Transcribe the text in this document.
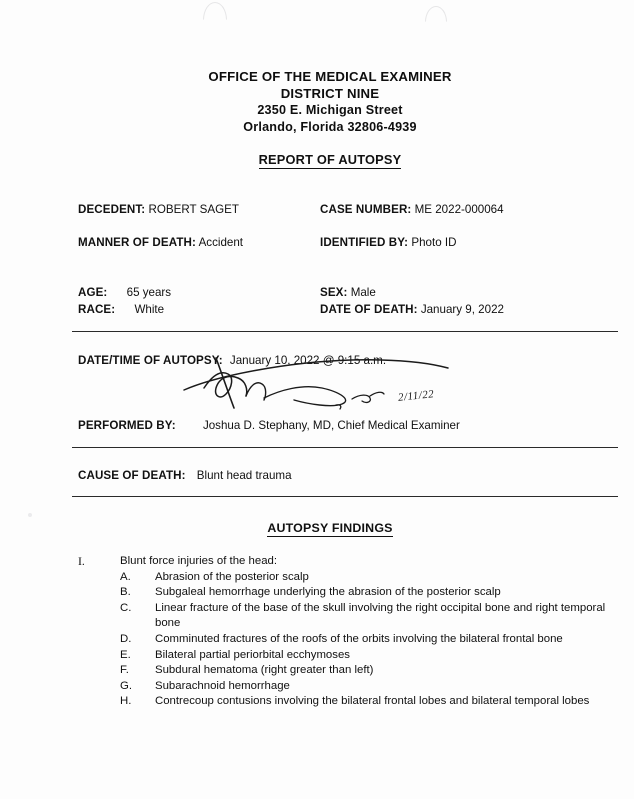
OFFICE OF THE MEDICAL EXAMINER
DISTRICT NINE
2350 E. Michigan Street
Orlando, Florida 32806-4939
REPORT OF AUTOPSY
DECEDENT: ROBERT SAGET	CASE NUMBER: ME 2022-000064
MANNER OF DEATH: Accident	IDENTIFIED BY: Photo ID
AGE: 65 years	SEX: Male
RACE: White	DATE OF DEATH: January 9, 2022
DATE/TIME OF AUTOPSY: January 10, 2022 @ 9:15 a.m.
2/11/22
PERFORMED BY: Joshua D. Stephany, MD, Chief Medical Examiner
CAUSE OF DEATH: Blunt head trauma
AUTOPSY FINDINGS
I.	Blunt force injuries of the head:
A. Abrasion of the posterior scalp
B. Subgaleal hemorrhage underlying the abrasion of the posterior scalp
C. Linear fracture of the base of the skull involving the right occipital bone and right temporal bone
D. Comminuted fractures of the roofs of the orbits involving the bilateral frontal bone
E. Bilateral partial periorbital ecchymoses
F. Subdural hematoma (right greater than left)
G. Subarachnoid hemorrhage
H. Contrecoup contusions involving the bilateral frontal lobes and bilateral temporal lobes
